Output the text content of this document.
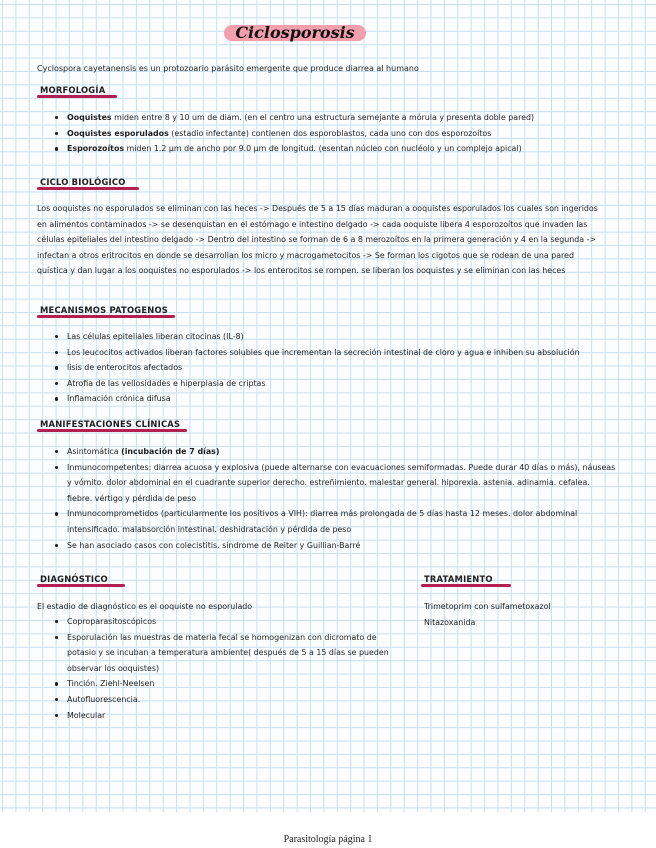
Ciclosporosis
Cyclospora cayetanensis es un protozoario parásito emergente que produce diarrea al humano
MORFOLOGÍA
Ooquistes miden entre 8 y 10 um de diam. (en el centro una estructura semejante a mórula y presenta doble pared)
Ooquistes esporulados (estadio infectante) contienen dos esporoblastos, cada uno con dos esporozoítos
Esporozoítos miden 1.2 µm de ancho por 9.0 µm de longitud. (esentan núcleo con nucléolo y un complejo apical)
CICLO BIOLÓGICO
Los ooquistes no esporulados se eliminan con las heces -> Después de 5 a 15 días maduran a ooquistes esporulados los cuales son ingeridos en alimentos contaminados -> se desenquistan en el estómago e intestino delgado -> cada ooquiste libera 4 esporozoítos que invaden las células epiteliales del intestino delgado -> Dentro del intestino se forman de 6 a 8 merozoítos en la primera generación y 4 en la segunda -> infectan a otros eritrocitos en donde se desarrollan los micro y macrogametocitos -> Se forman los cigotos que se rodean de una pared quística y dan lugar a los ooquistes no esporulados -> los enterocitos se rompen. se liberan los ooquistes y se eliminan con las heces
MECANISMOS PATOGENOS
Las células epiteliales liberan citocinas (IL-8)
Los leucocitos activados liberan factores solubles que incrementan la secreción intestinal de cloro y agua e inhiben su absolución
lisis de enterocitos afectados
Atrofia de las vellosidades e hiperplasia de criptas
Inflamación crónica difusa
MANIFESTACIONES CLÍNICAS
Asintomática (incubación de 7 días)
Inmunocompetentes: diarrea acuosa y explosiva (puede alternarse con evacuaciones semiformadas. Puede durar 40 días o más), náuseas y vómito. dolor abdominal en el cuadrante superior derecho. estreñimiento. malestar general. hiporexia. astenia. adinamia. cefalea. fiebre. vértigo y pérdida de peso
Inmunocomprometidos (particularmente los positivos a VIH): diarrea más prolongada de 5 días hasta 12 meses. dolor abdominal intensificado. malabsorción intestinal. deshidratación y pérdida de peso
Se han asociado casos con colecistitis. síndrome de Reiter y Guillian-Barré
DIAGNÓSTICO
El estadio de diagnóstico es el ooquiste no esporulado
Coproparasitoscópicos
Esporulación las muestras de materia fecal se homogenizan con dicromato de potasio y se incuban a temperatura ambiente( después de 5 a 15 días se pueden observar los ooquistes)
Tinción. Ziehl-Neelsen
Autofluorescencia.
Molecular
TRATAMIENTO
Trimetoprim con sulfametoxazol
Nitazoxanida
Parasitología página 1
